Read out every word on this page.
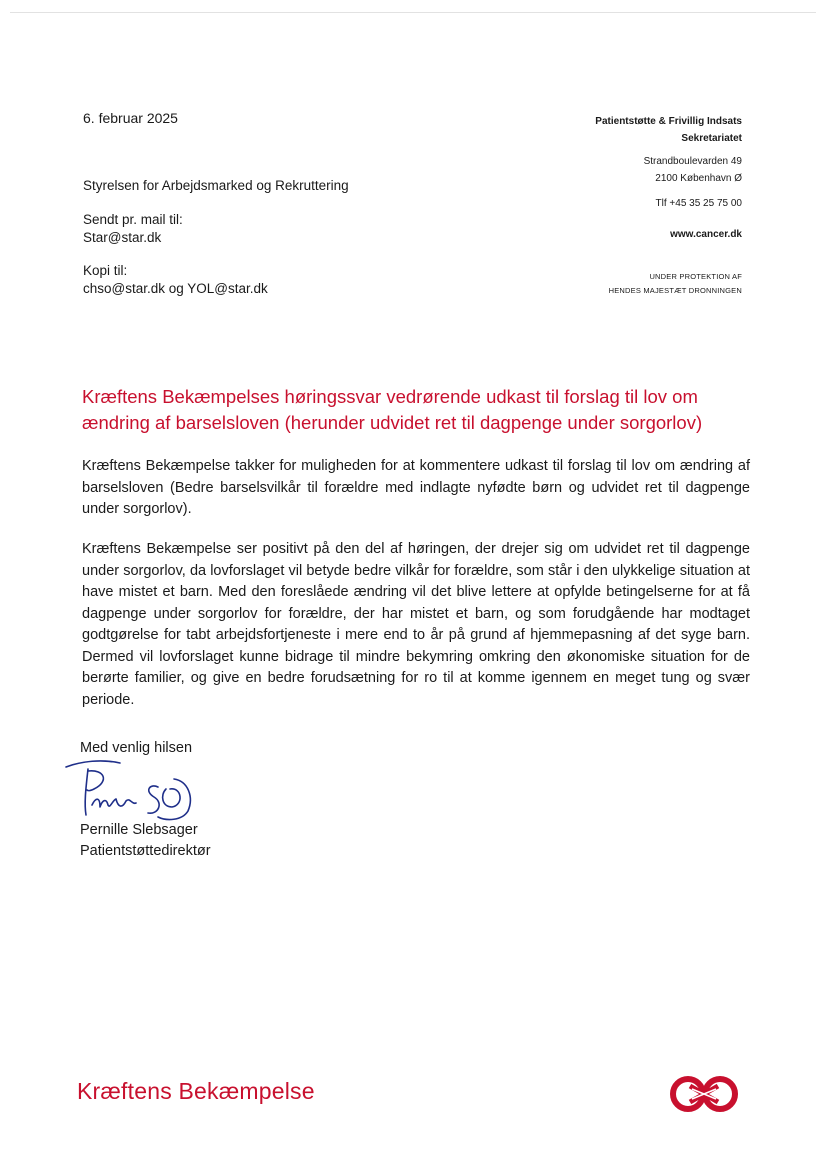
6. februar 2025	Patientstøtte & Frivillig Indsats
Sekretariatet
Strandboulevarden 49
2100 København Ø
Tlf +45 35 25 75 00
www.cancer.dk
UNDER PROTEKTION AF
HENDES MAJESTÆT DRONNINGEN
Styrelsen for Arbejdsmarked og Rekruttering
Sendt pr. mail til:
Star@star.dk
Kopi til:
chso@star.dk og YOL@star.dk
Kræftens Bekæmpelses høringssvar vedrørende udkast til forslag til lov om ændring af barselsloven (herunder udvidet ret til dagpenge under sorgorlov)

Kræftens Bekæmpelse takker for muligheden for at kommentere udkast til forslag til lov om ændring af barselsloven (Bedre barselsvilkår til forældre med indlagte nyfødte børn og udvidet ret til dagpenge under sorgorlov).

Kræftens Bekæmpelse ser positivt på den del af høringen, der drejer sig om udvidet ret til dagpenge under sorgorlov, da lovforslaget vil betyde bedre vilkår for forældre, som står i den ulykkelige situation at have mistet et barn. Med den foreslåede ændring vil det blive lettere at opfylde betingelserne for at få dagpenge under sorgorlov for forældre, der har mistet et barn, og som forudgående har modtaget godtgørelse for tabt arbejdsfortjeneste i mere end to år på grund af hjemmepasning af det syge barn. Dermed vil lovforslaget kunne bidrage til mindre bekymring omkring den økonomiske situation for de berørte familier, og give en bedre forudsætning for ro til at komme igennem en meget tung og svær periode.

Med venlig hilsen
Pernille Slebsager
Patientstøttedirektør
Kræftens Bekæmpelse
